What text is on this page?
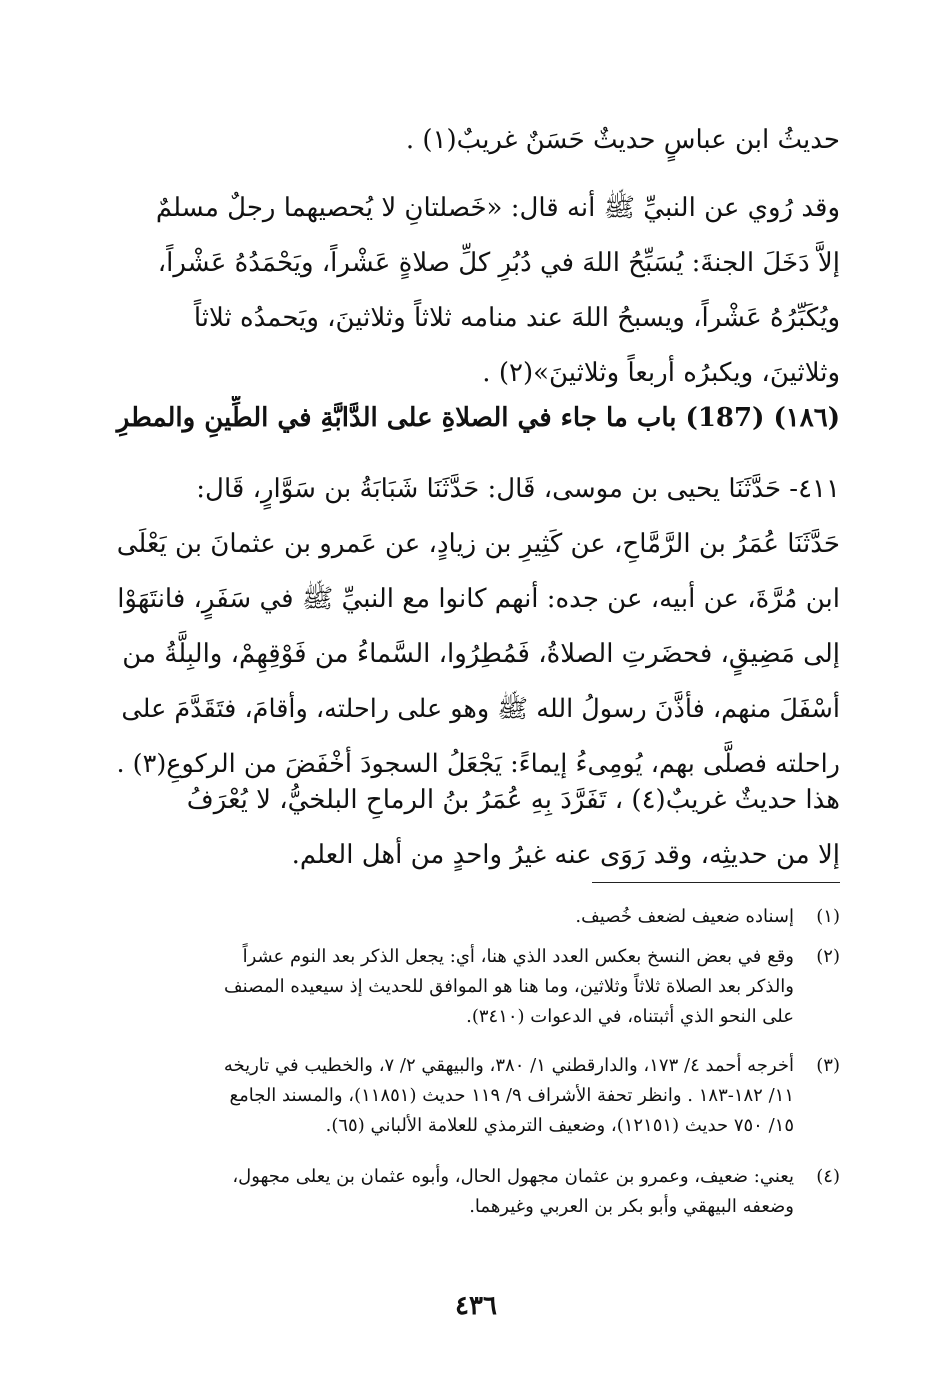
حديثُ ابن عباسٍ حديثٌ حَسَنٌ غريبٌ(١) .

وقد رُوي عن النبيِّ ﷺ أنه قال: «خَصلتانِ لا يُحصيهما رجلٌ مسلمٌ
إلاَّ دَخَلَ الجنةَ: يُسَبِّحُ اللهَ في دُبُرِ كلِّ صلاةٍ عَشْراً، ويَحْمَدُهُ عَشْراً،
ويُكَبِّرُهُ عَشْراً، ويسبحُ اللهَ عند منامه ثلاثاً وثلاثينَ، ويَحمدُه ثلاثاً
وثلاثينَ، ويكبرُه أربعاً وثلاثينَ»(٢) .

(١٨٦) (187) باب ما جاء في الصلاةِ على الدَّابَّةِ في الطِّينِ والمطرِ

٤١١- حَدَّثَنَا يحيى بن موسى، قَال: حَدَّثَنَا شَبَابَةُ بن سَوَّارٍ، قَال:
حَدَّثَنَا عُمَرُ بن الرَّمَّاحِ، عن كَثِيرِ بن زيادٍ، عن عَمرو بن عثمانَ بن يَعْلَى
ابن مُرَّةَ، عن أبيه، عن جده: أنهم كانوا مع النبيِّ ﷺ في سَفَرٍ، فانتَهَوْا
إلى مَضِيقٍ، فحضَرتِ الصلاةُ، فَمُطِرُوا، السَّماءُ من فَوْقِهِمْ، والبِلَّةُ من
أسْفَلَ منهم، فأذَّنَ رسولُ الله ﷺ وهو على راحلته، وأقامَ، فتَقَدَّمَ على
راحلته فصلَّى بهم، يُومِىءُ إيماءً: يَجْعَلُ السجودَ أخْفَضَ من الركوعِ(٣) .

هذا حديثٌ غريبٌ(٤) ، تَفَرَّدَ بِهِ عُمَرُ بنُ الرماحِ البلخيُّ، لا يُعْرَفُ
إلا من حديثِه، وقد رَوَى عنه غيرُ واحدٍ من أهل العلم.

(١)
إسناده ضعيف لضعف خُصيف.
(٢)
وقع في بعض النسخ بعكس العدد الذي هنا، أي: يجعل الذكر بعد النوم عشراً
والذكر بعد الصلاة ثلاثاً وثلاثين، وما هنا هو الموافق للحديث إذ سيعيده المصنف
على النحو الذي أثبتناه، في الدعوات (٣٤١٠).
(٣)
أخرجه أحمد ٤/ ١٧٣، والدارقطني ١/ ٣٨٠، والبيهقي ٢/ ٧، والخطيب في تاريخه
١١/ ١٨٢-١٨٣ . وانظر تحفة الأشراف ٩/ ١١٩ حديث (١١٨٥١)، والمسند الجامع
١٥/ ٧٥٠ حديث (١٢١٥١)، وضعيف الترمذي للعلامة الألباني (٦٥).
(٤)
يعني: ضعيف، وعمرو بن عثمان مجهول الحال، وأبوه عثمان بن يعلى مجهول،
وضعفه البيهقي وأبو بكر بن العربي وغيرهما.
٤٣٦
